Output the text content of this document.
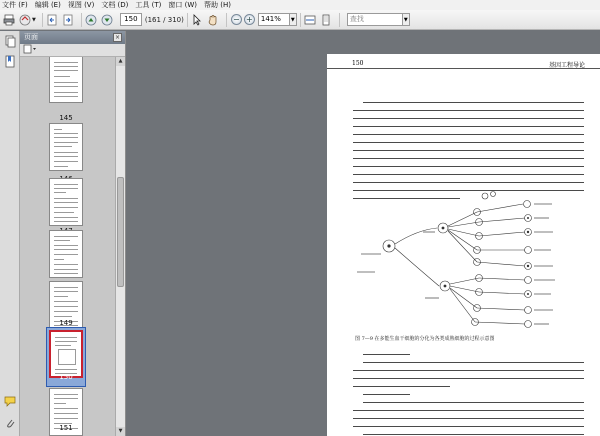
文件 (F) 编辑 (E) 视图 (V) 文档 (D) 工具 (T) 窗口 (W) 帮助 (H)
▼	150	(161 / 310)	− +	141%	▼	查找	▼
页面	×
145
149
150
151
▲
▼
150	基因工程导论
图 7—9 在多能生血干细胞的分化为各类成熟细胞的过程示意图
